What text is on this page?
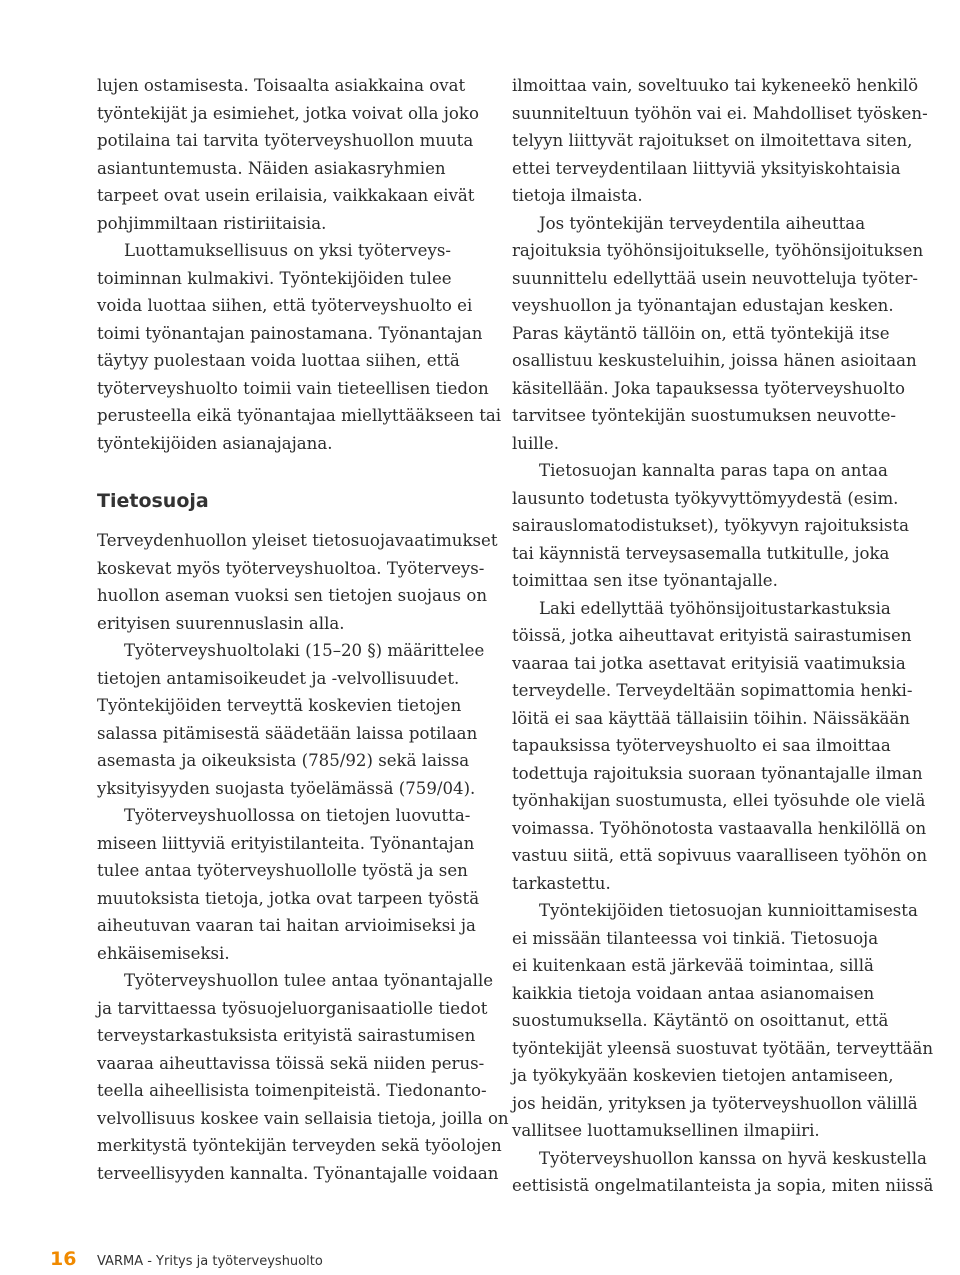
lujen ostamisesta. Toisaalta asiakkaina ovat
työntekijät ja esimiehet, jotka voivat olla joko
potilaina tai tarvita työterveyshuollon muuta
asiantuntemusta. Näiden asiakasryhmien
tarpeet ovat usein erilaisia, vaikkakaan eivät
pohjimmiltaan ristiriitaisia.
Luottamuksellisuus on yksi työterveys-
toiminnan kulmakivi. Työntekijöiden tulee
voida luottaa siihen, että työterveyshuolto ei
toimi työnantajan painostamana. Työnantajan
täytyy puolestaan voida luottaa siihen, että
työterveyshuolto toimii vain tieteellisen tiedon
perusteella eikä työnantajaa miellyttääkseen tai
työntekijöiden asianajajana.
Tietosuoja
Terveydenhuollon yleiset tietosuojavaatimukset
koskevat myös työterveyshuoltoa. Työterveys-
huollon aseman vuoksi sen tietojen suojaus on
erityisen suurennuslasin alla.
Työterveyshuoltolaki (15–20 §) määrittelee
tietojen antamisoikeudet ja -velvollisuudet.
Työntekijöiden terveyttä koskevien tietojen
salassa pitämisestä säädetään laissa potilaan
asemasta ja oikeuksista (785/92) sekä laissa
yksityisyyden suojasta työelämässä (759/04).
Työterveyshuollossa on tietojen luovutta-
miseen liittyviä erityistilanteita. Työnantajan
tulee antaa työterveyshuollolle työstä ja sen
muutoksista tietoja, jotka ovat tarpeen työstä
aiheutuvan vaaran tai haitan arvioimiseksi ja
ehkäisemiseksi.
Työterveyshuollon tulee antaa työnantajalle
ja tarvittaessa työsuojeluorganisaatiolle tiedot
terveystarkastuksista erityistä sairastumisen
vaaraa aiheuttavissa töissä sekä niiden perus-
teella aiheellisista toimenpiteistä. Tiedonanto-
velvollisuus koskee vain sellaisia tietoja, joilla on
merkitystä työntekijän terveyden sekä työolojen
terveellisyyden kannalta. Työnantajalle voidaan
ilmoittaa vain, soveltuuko tai kykeneekö henkilö
suunniteltuun työhön vai ei. Mahdolliset työsken-
telyyn liittyvät rajoitukset on ilmoitettava siten,
ettei terveydentilaan liittyviä yksityiskohtaisia
tietoja ilmaista.
Jos työntekijän terveydentila aiheuttaa
rajoituksia työhönsijoitukselle, työhönsijoituksen
suunnittelu edellyttää usein neuvotteluja työter-
veyshuollon ja työnantajan edustajan kesken.
Paras käytäntö tällöin on, että työntekijä itse
osallistuu keskusteluihin, joissa hänen asioitaan
käsitellään. Joka tapauksessa työterveyshuolto
tarvitsee työntekijän suostumuksen neuvotte-
luille.
Tietosuojan kannalta paras tapa on antaa
lausunto todetusta työkyvyttömyydestä (esim.
sairauslomatodistukset), työkyvyn rajoituksista
tai käynnistä terveysasemalla tutkitulle, joka
toimittaa sen itse työnantajalle.
Laki edellyttää työhönsijoitustarkastuksia
töissä, jotka aiheuttavat erityistä sairastumisen
vaaraa tai jotka asettavat erityisiä vaatimuksia
terveydelle. Terveydeltään sopimattomia henki-
löitä ei saa käyttää tällaisiin töihin. Näissäkään
tapauksissa työterveyshuolto ei saa ilmoittaa
todettuja rajoituksia suoraan työnantajalle ilman
työnhakijan suostumusta, ellei työsuhde ole vielä
voimassa. Työhönotosta vastaavalla henkilöllä on
vastuu siitä, että sopivuus vaaralliseen työhön on
tarkastettu.
Työntekijöiden tietosuojan kunnioittamisesta
ei missään tilanteessa voi tinkiä. Tietosuoja
ei kuitenkaan estä järkevää toimintaa, sillä
kaikkia tietoja voidaan antaa asianomaisen
suostumuksella. Käytäntö on osoittanut, että
työntekijät yleensä suostuvat työtään, terveyttään
ja työkykyään koskevien tietojen antamiseen,
jos heidän, yrityksen ja työterveyshuollon välillä
vallitsee luottamuksellinen ilmapiiri.
Työterveyshuollon kanssa on hyvä keskustella
eettisistä ongelmatilanteista ja sopia, miten niissä
16 VARMA - Yritys ja työterveyshuolto
